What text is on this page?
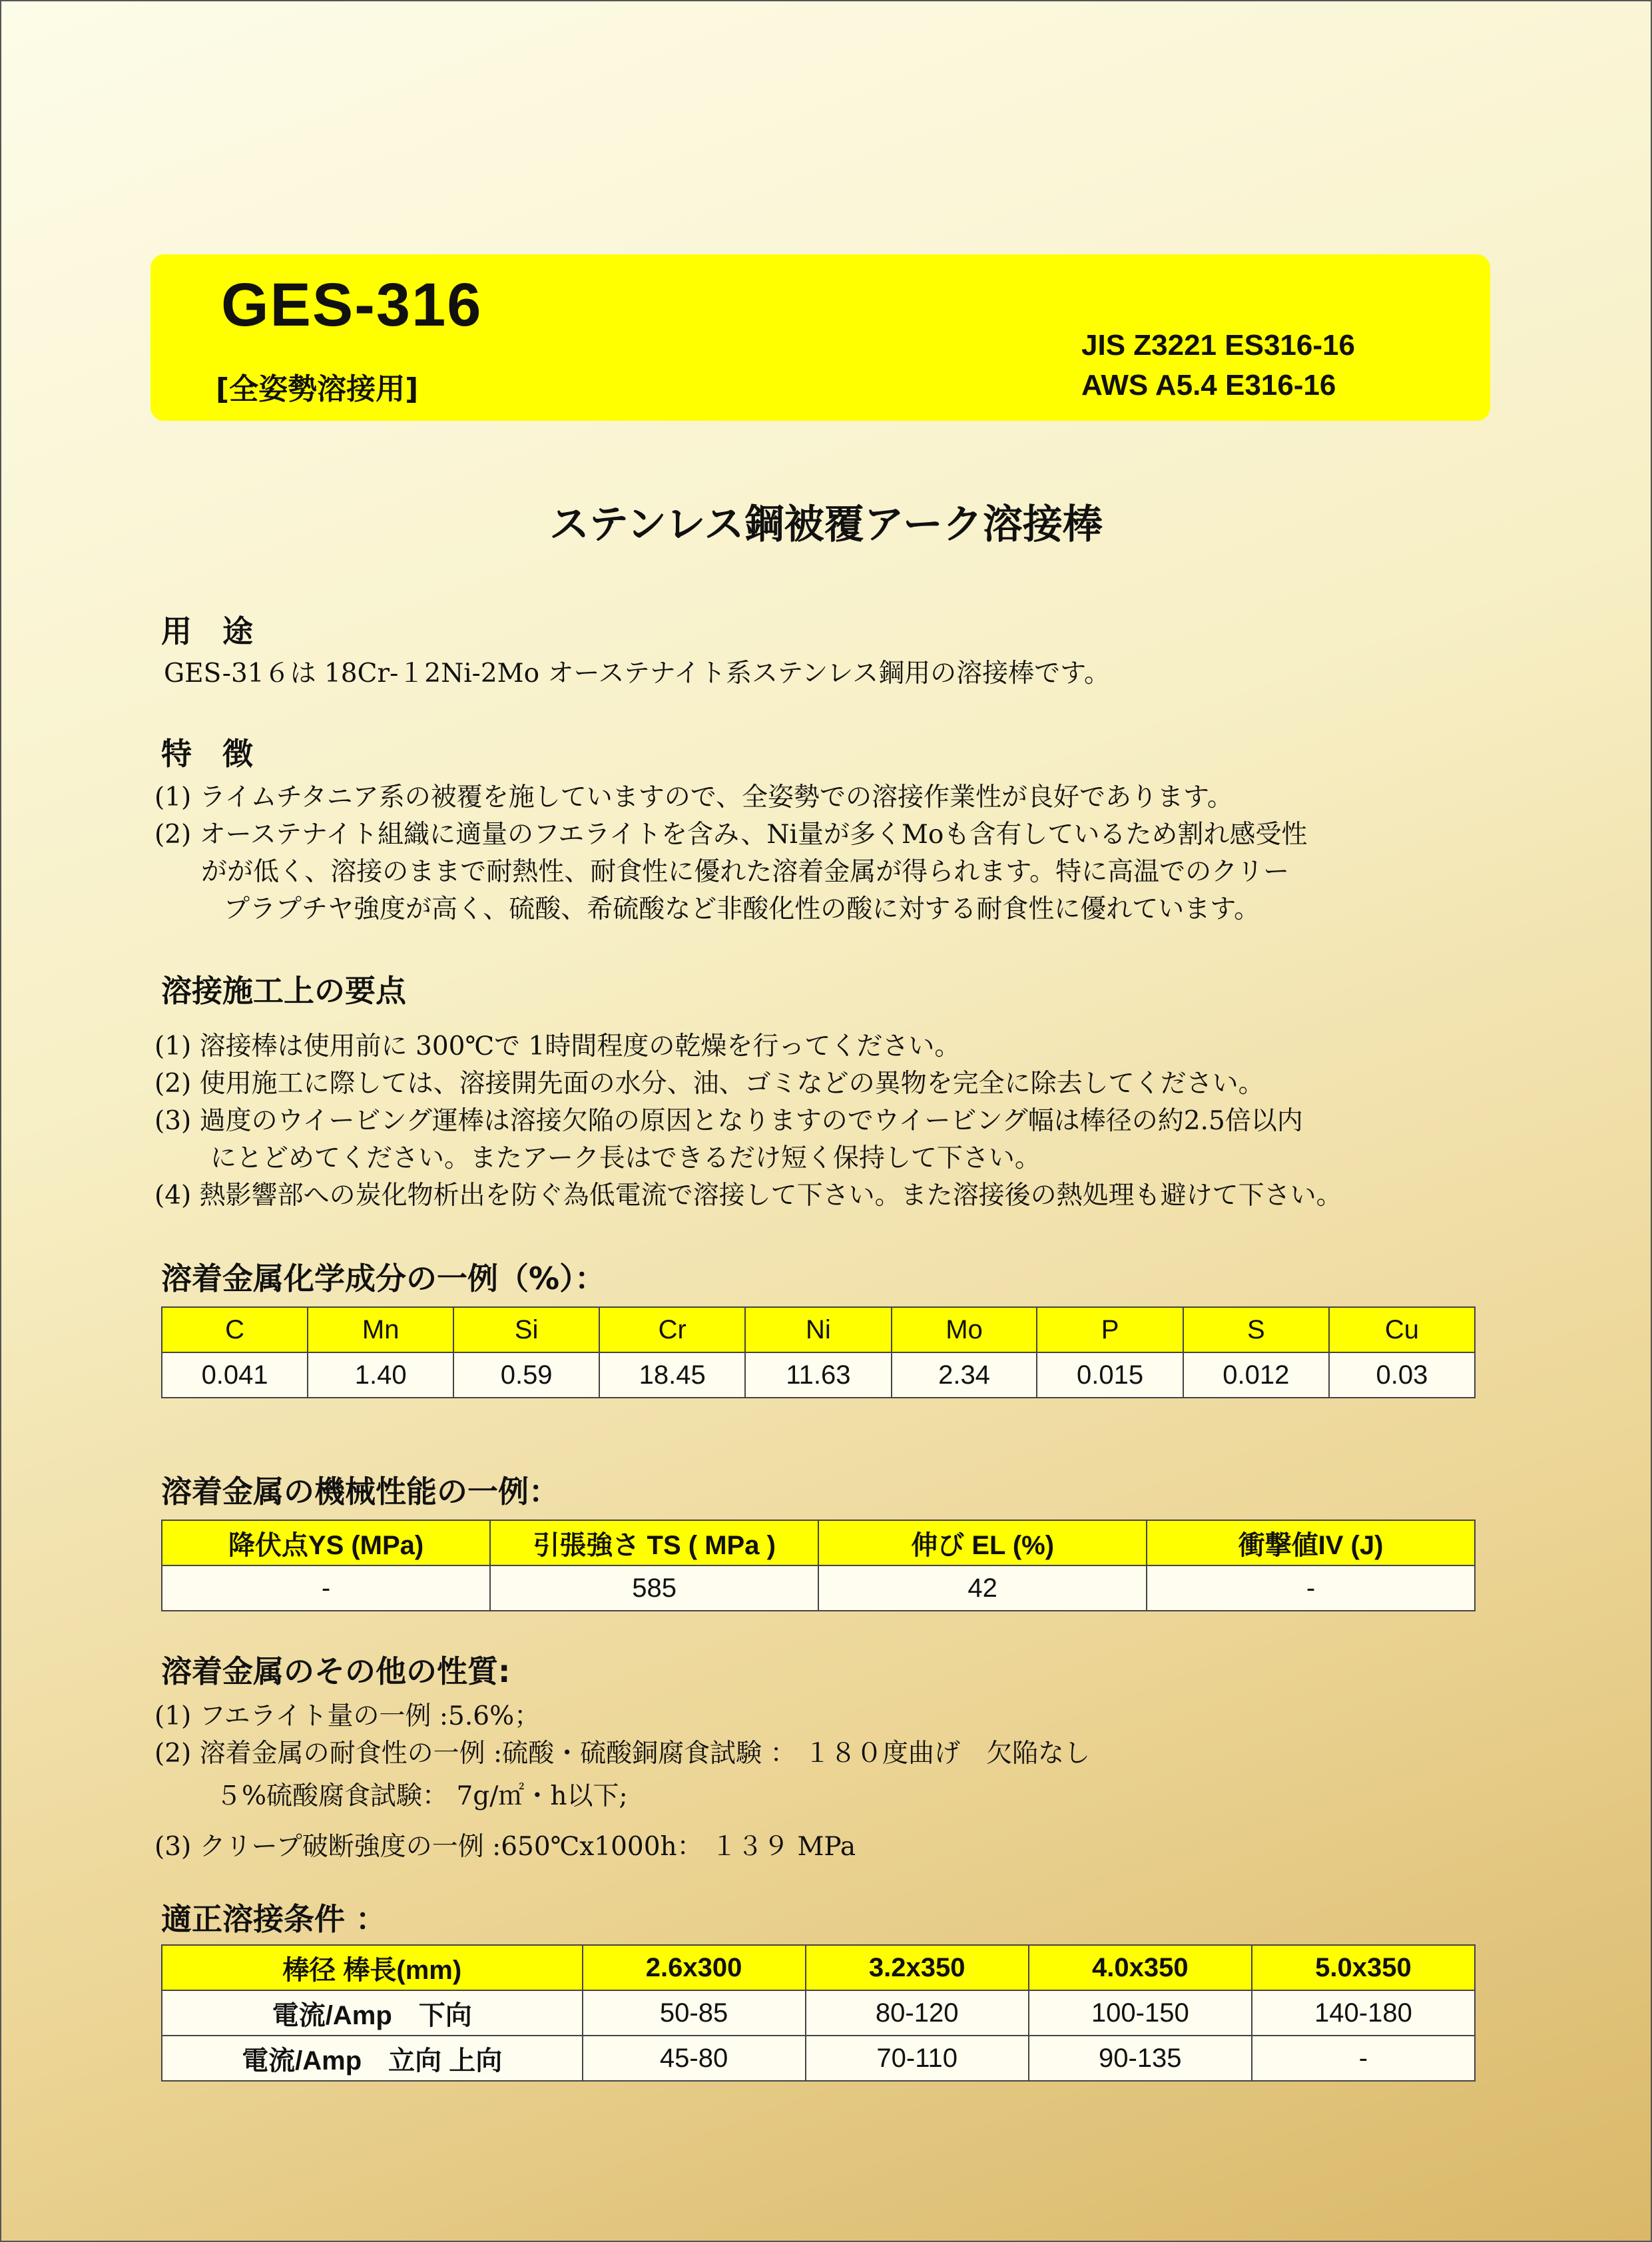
GES-316
[全姿勢溶接用]
JIS Z3221 ES316-16
AWS A5.4 E316-16
ステンレス鋼被覆アーク溶接棒
用　途
GES-31６は 18Cr-１2Ni-2Mo オーステナイト系ステンレス鋼用の溶接棒です。
特　徴
(1) ライムチタニア系の被覆を施していますので、全姿勢での溶接作業性が良好であります。
(2) オーステナイト組織に適量のフエライトを含み、Ni量が多くMoも含有しているため割れ感受性
がが低く、溶接のままで耐熱性、耐食性に優れた溶着金属が得られます。特に高温でのクリー
プラプチヤ強度が高く、硫酸、希硫酸など非酸化性の酸に対する耐食性に優れています。
溶接施工上の要点
(1) 溶接棒は使用前に 300℃で 1時間程度の乾燥を行ってください。
(2) 使用施工に際しては、溶接開先面の水分、油、ゴミなどの異物を完全に除去してください。
(3) 過度のウイービング運棒は溶接欠陥の原因となりますのでウイービング幅は棒径の約2.5倍以内
にとどめてください。またアーク長はできるだけ短く保持して下さい。
(4) 熱影響部への炭化物析出を防ぐ為低電流で溶接して下さい。また溶接後の熱処理も避けて下さい。
溶着金属化学成分の一例（%）：
C	Mn	Si	Cr	Ni	Mo	P	S	Cu
0.041	1.40	0.59	18.45	11.63	2.34	0.015	0.012	0.03
溶着金属の機械性能の一例：
降伏点YS (MPa)	引張強さ TS ( MPa )	伸び EL (%)	衝撃値IV (J)
-	585	42	-
溶着金属のその他の性質:
(1) フエライト量の一例 :5.6%；
(2) 溶着金属の耐食性の一例 :硫酸・硫酸銅腐食試験 ： １８０度曲げ　欠陥なし
５%硫酸腐食試験： 7g/㎡・h以下;
(3) クリープ破断強度の一例 :650℃x1000h： １３９ MPa
適正溶接条件 ：
棒径 棒長(mm)	2.6x300	3.2x350	4.0x350	5.0x350
電流/Amp　下向	50-85	80-120	100-150	140-180
電流/Amp　立向 上向	45-80	70-110	90-135	-
